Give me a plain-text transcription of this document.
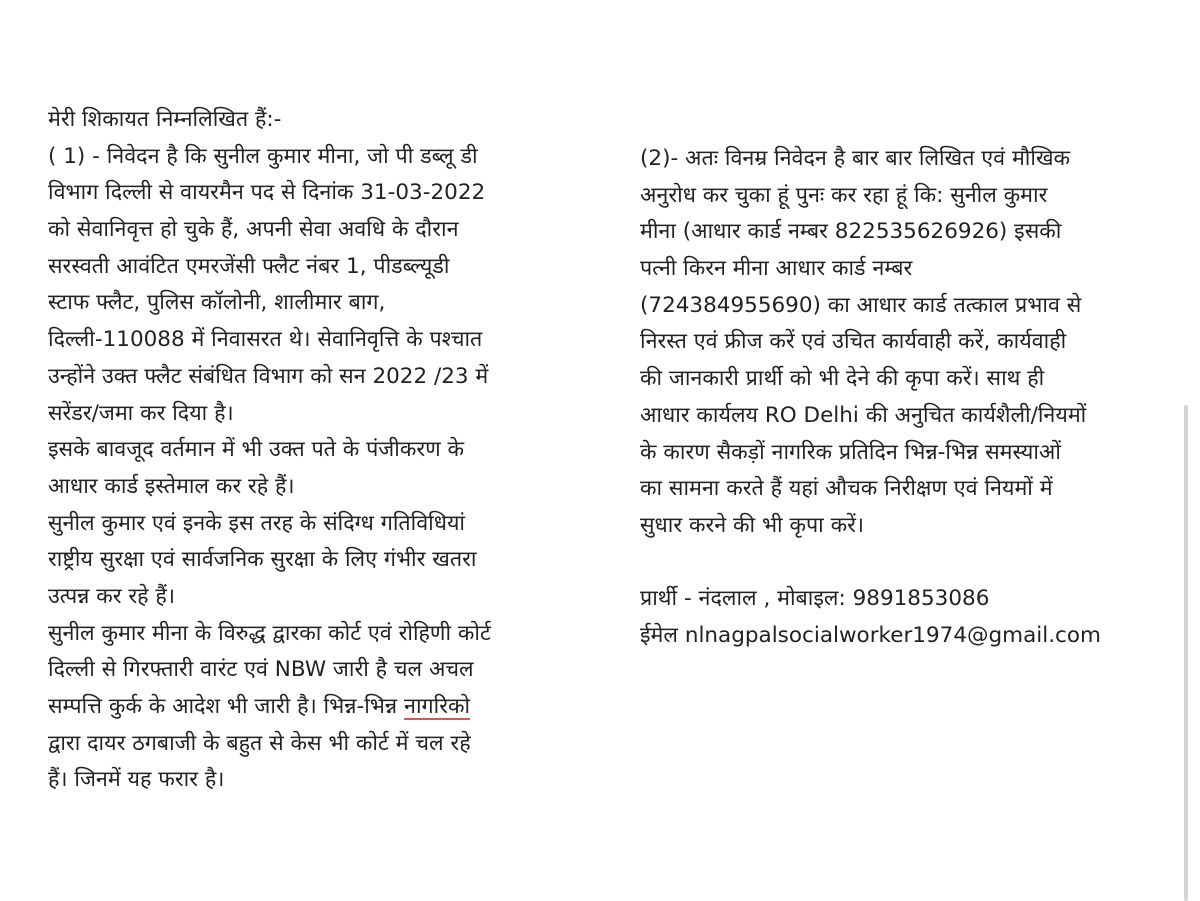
मेरी शिकायत निम्नलिखित हैं:-
( 1) - निवेदन है कि सुनील कुमार मीना, जो पी डब्लू डी
विभाग दिल्ली से वायरमैन पद से दिनांक 31-03-2022
को सेवानिवृत्त हो चुके हैं, अपनी सेवा अवधि के दौरान
सरस्वती आवंटित एमरजेंसी फ्लैट नंबर 1, पीडब्ल्यूडी
स्टाफ फ्लैट, पुलिस कॉलोनी, शालीमार बाग,
दिल्ली-110088 में निवासरत थे। सेवानिवृत्ति के पश्चात
उन्होंने उक्त फ्लैट संबंधित विभाग को सन 2022 /23 में
सरेंडर/जमा कर दिया है।
इसके बावजूद वर्तमान में भी उक्त पते के पंजीकरण के
आधार कार्ड इस्तेमाल कर रहे हैं।
सुनील कुमार एवं इनके इस तरह के संदिग्ध गतिविधियां
राष्ट्रीय सुरक्षा एवं सार्वजनिक सुरक्षा के लिए गंभीर खतरा
उत्पन्न कर रहे हैं।
सुनील कुमार मीना के विरुद्ध द्वारका कोर्ट एवं रोहिणी कोर्ट
दिल्ली से गिरफ्तारी वारंट एवं NBW जारी है चल अचल
सम्पत्ति कुर्क के आदेश भी जारी है। भिन्न-भिन्न नागरिको
द्वारा दायर ठगबाजी के बहुत से केस भी कोर्ट में चल रहे
हैं। जिनमें यह फरार है।
(2)- अतः विनम्र निवेदन है बार बार लिखित एवं मौखिक
अनुरोध कर चुका हूं पुनः कर रहा हूं कि: सुनील कुमार
मीना (आधार कार्ड नम्बर 822535626926) इसकी
पत्नी किरन मीना आधार कार्ड नम्बर
(724384955690) का आधार कार्ड तत्काल प्रभाव से
निरस्त एवं फ्रीज करें एवं उचित कार्यवाही करें, कार्यवाही
की जानकारी प्रार्थी को भी देने की कृपा करें। साथ ही
आधार कार्यलय RO Delhi की अनुचित कार्यशैली/नियमों
के कारण सैकड़ों नागरिक प्रतिदिन भिन्न-भिन्न समस्याओं
का सामना करते हैं यहां औचक निरीक्षण एवं नियमों में
सुधार करने की भी कृपा करें।
प्रार्थी - नंदलाल , मोबाइल: 9891853086
ईमेल nlnagpalsocialworker1974@gmail.com
